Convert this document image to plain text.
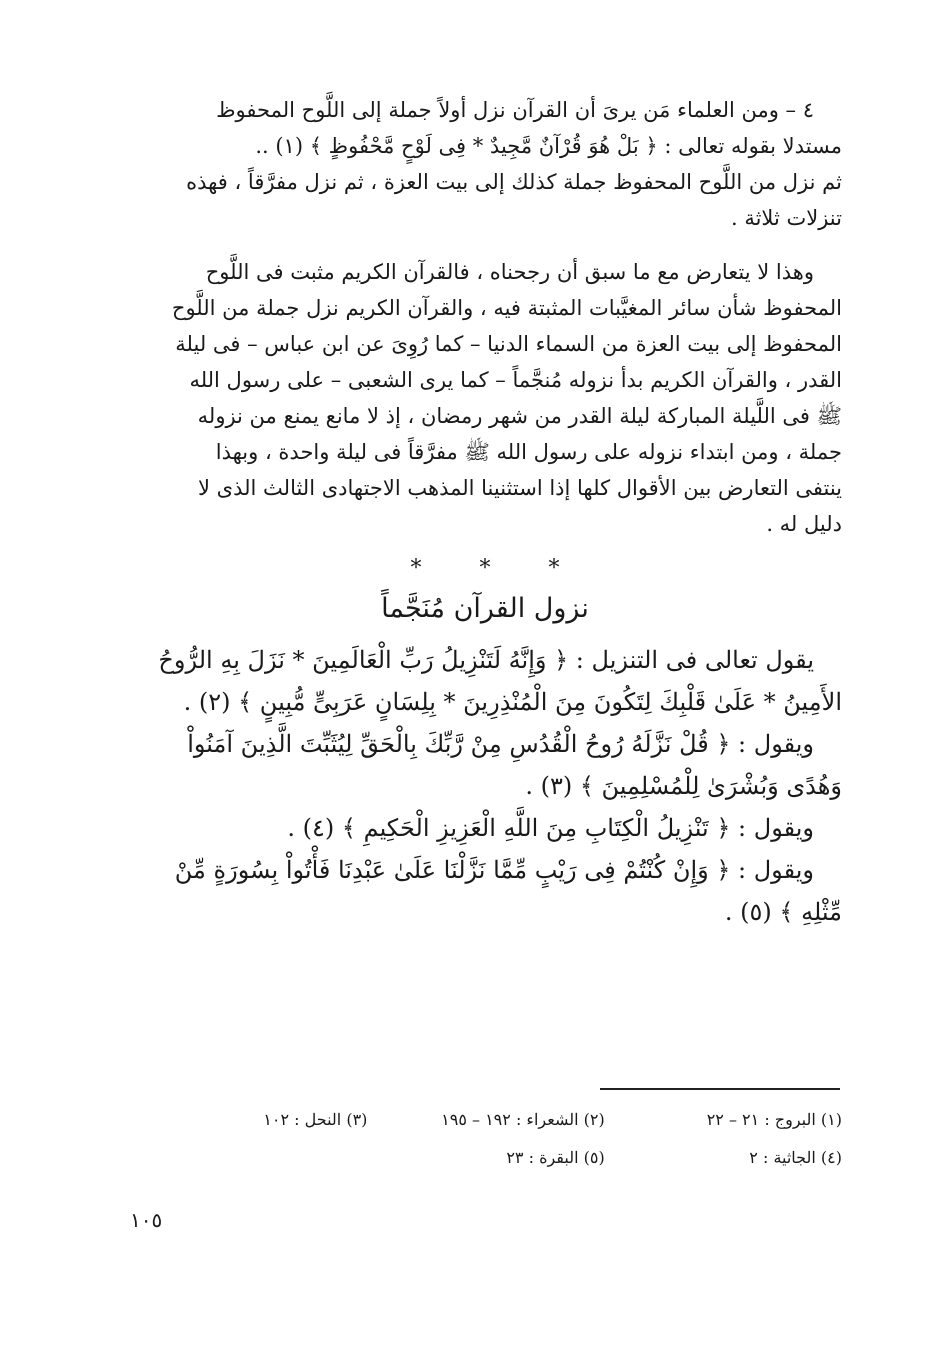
٤ – ومن العلماء مَن يرىَ أن القرآن نزل أولاً جملة إلى اللَّوح المحفوظ

مستدلا بقوله تعالى : ﴿ بَلْ هُوَ قُرْآنٌ مَّجِيدٌ * فِى لَوْحٍ مَّحْفُوظٍ ﴾ (١) ..

ثم نزل من اللَّوح المحفوظ جملة كذلك إلى بيت العزة ، ثم نزل مفرَّقاً ، فهذه

تنزلات ثلاثة .

وهذا لا يتعارض مع ما سبق أن رجحناه ، فالقرآن الكريم مثبت فى اللَّوح

المحفوظ شأن سائر المغيَّبات المثبتة فيه ، والقرآن الكريم نزل جملة من اللَّوح

المحفوظ إلى بيت العزة من السماء الدنيا – كما رُوِىَ عن ابن عباس – فى ليلة

القدر ، والقرآن الكريم بدأ نزوله مُنجَّماً – كما يرى الشعبى – على رسول الله

ﷺ فى اللَّيلة المباركة ليلة القدر من شهر رمضان ، إذ لا مانع يمنع من نزوله

جملة ، ومن ابتداء نزوله على رسول الله ﷺ مفرَّقاً فى ليلة واحدة ، وبهذا

ينتفى التعارض بين الأقوال كلها إذا استثنينا المذهب الاجتهادى الثالث الذى لا

دليل له .

*	*	*
نزول القرآن مُنَجَّماً

يقول تعالى فى التنزيل : ﴿ وَإِنَّهُ لَتَنْزِيلُ رَبِّ الْعَالَمِينَ * نَزَلَ بِهِ الرُّوحُ

الأَمِينُ * عَلَىٰ قَلْبِكَ لِتَكُونَ مِنَ الْمُنْذِرِينَ * بِلِسَانٍ عَرَبِىٍّ مُّبِينٍ ﴾ (٢) .

ويقول : ﴿ قُلْ نَزَّلَهُ رُوحُ الْقُدُسِ مِنْ رَّبِّكَ بِالْحَقِّ لِيُثَبِّتَ الَّذِينَ آمَنُواْ

وَهُدًى وَبُشْرَىٰ لِلْمُسْلِمِينَ ﴾ (٣) .

ويقول : ﴿ تَنْزِيلُ الْكِتَابِ مِنَ اللَّهِ الْعَزِيزِ الْحَكِيمِ ﴾ (٤) .

ويقول : ﴿ وَإِنْ كُنْتُمْ فِى رَيْبٍ مِّمَّا نَزَّلْنَا عَلَىٰ عَبْدِنَا فَأْتُواْ بِسُورَةٍ مِّنْ

مِّثْلِهِ ﴾ (٥) .

(١) البروج : ٢١ – ٢٢
(٢) الشعراء : ١٩٢ – ١٩٥
(٣) النحل : ١٠٢
(٤) الجاثية : ٢
(٥) البقرة : ٢٣
١٠٥
